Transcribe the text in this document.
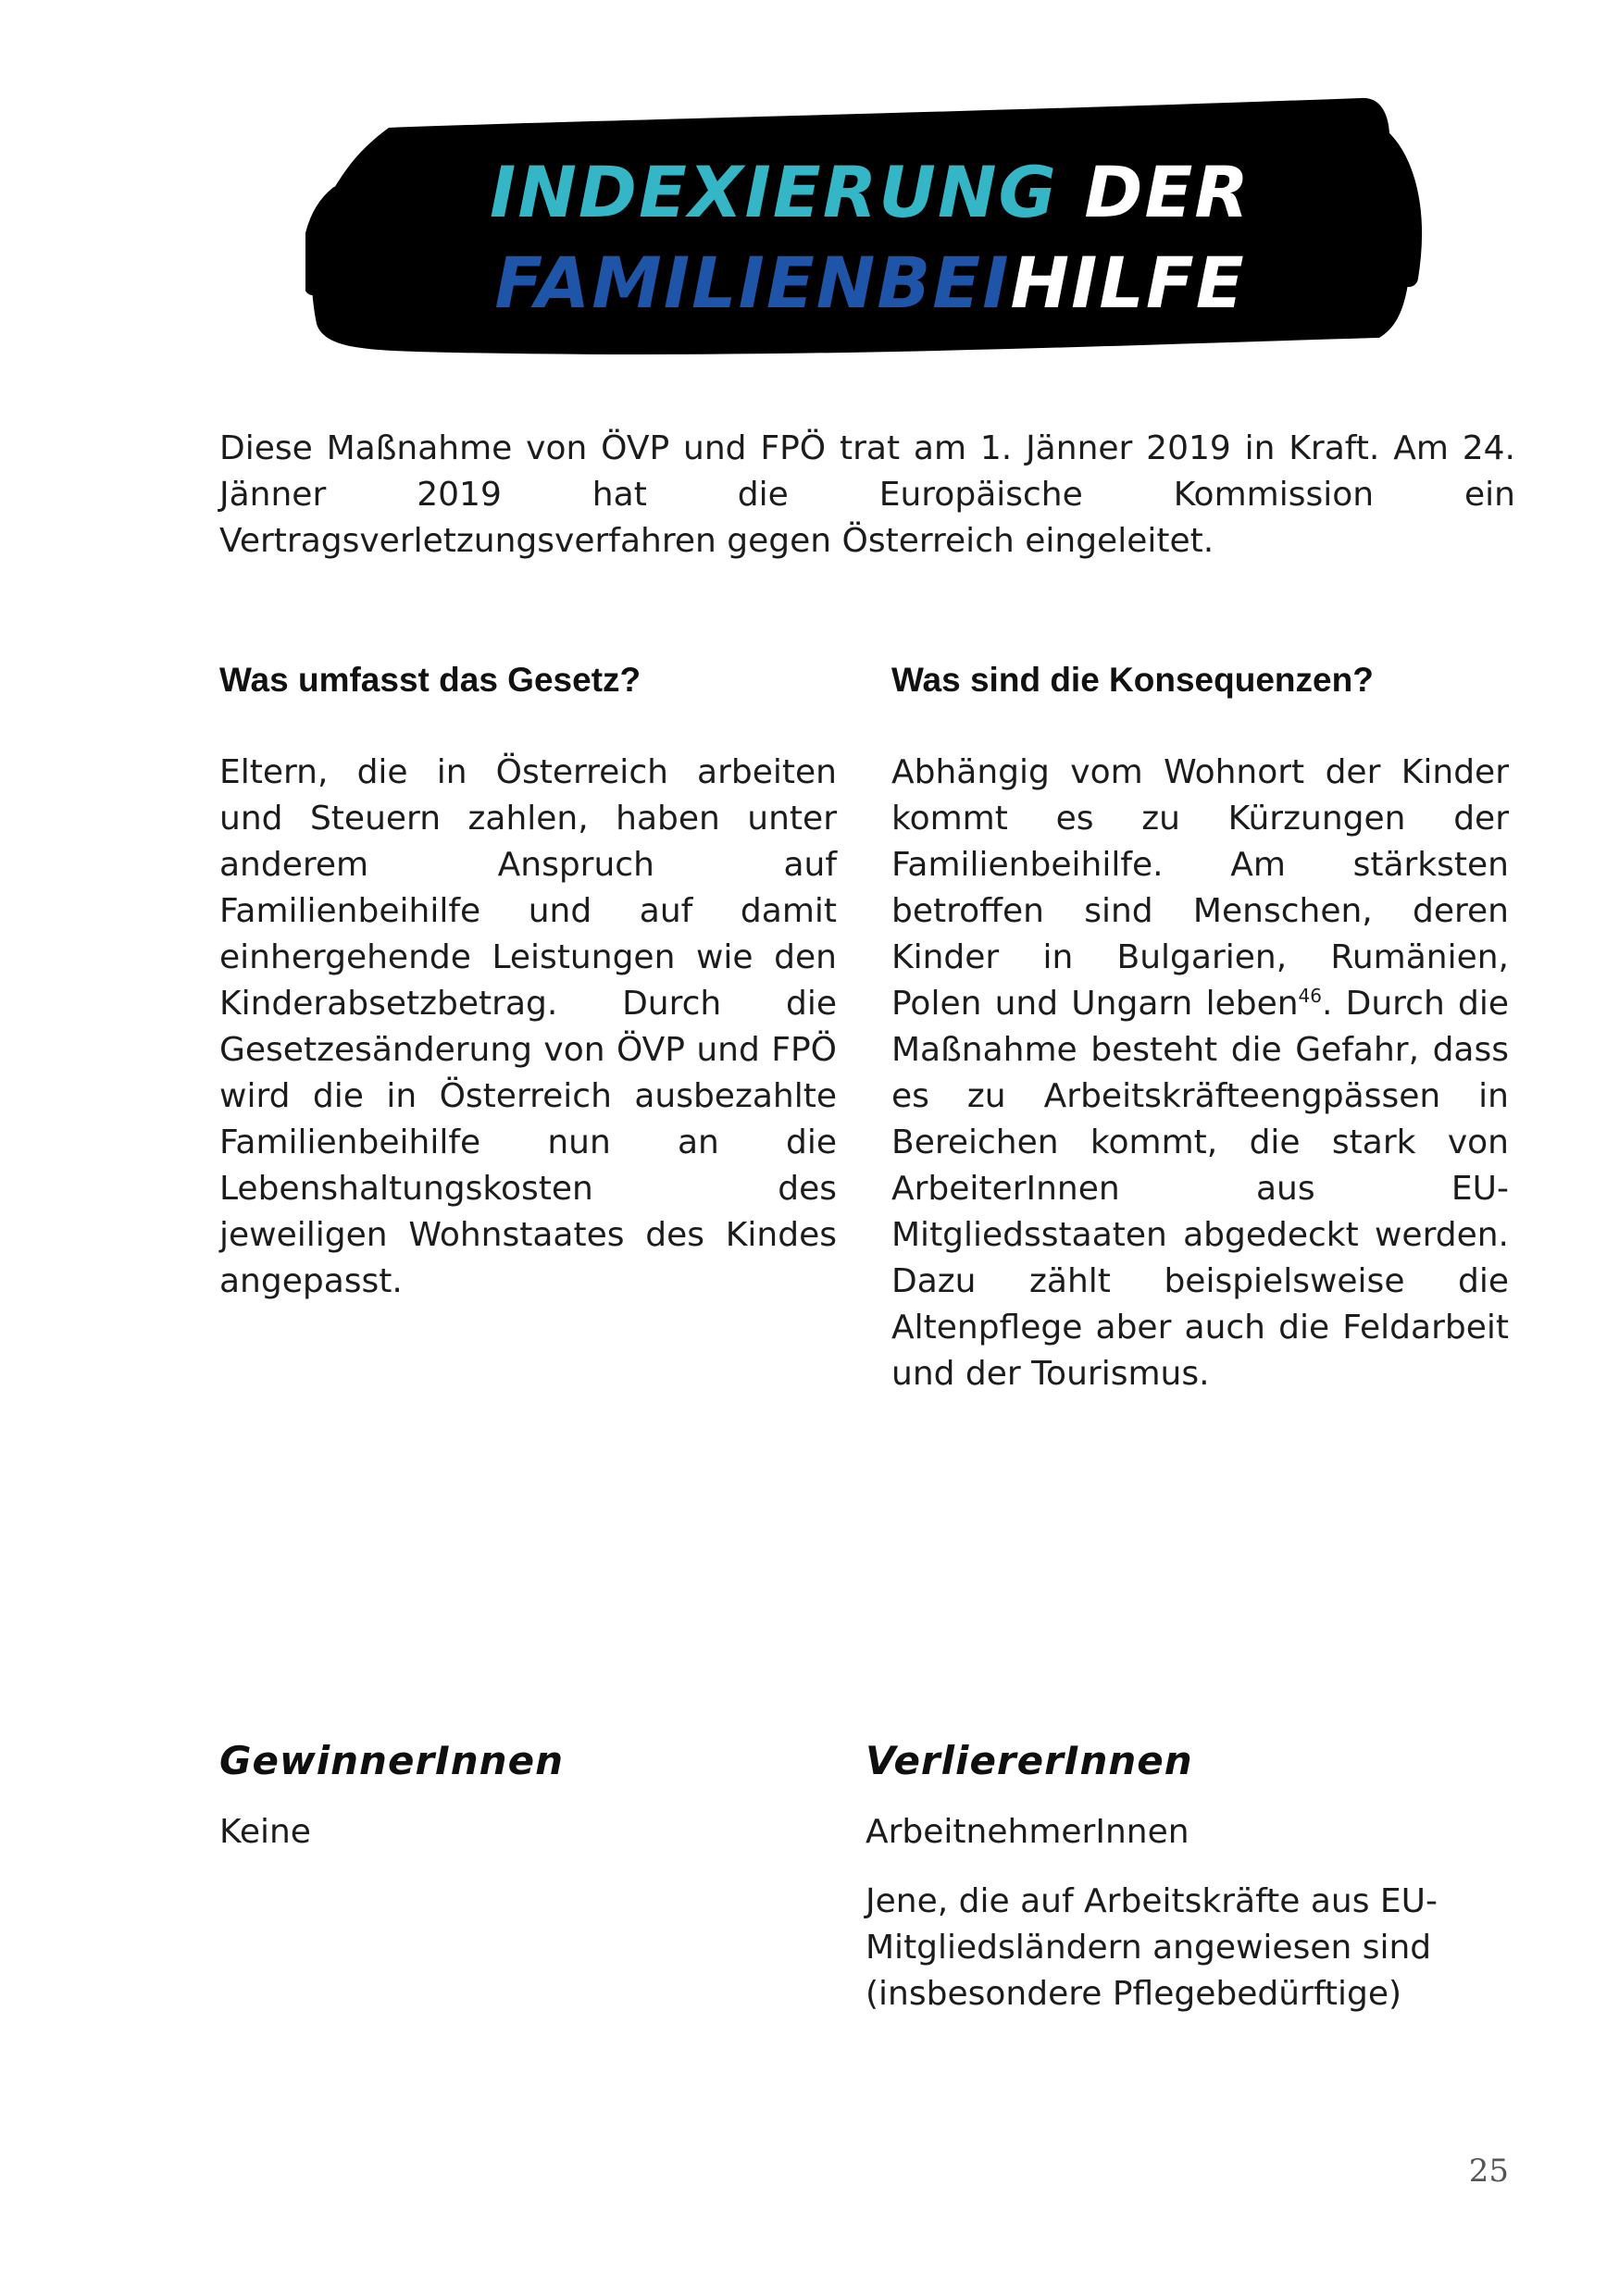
INDEXIERUNG DER
FAMILIENBEIHILFE

Diese Maßnahme von ÖVP und FPÖ trat am 1. Jänner 2019 in Kraft. Am 24. Jänner 2019 hat die Europäische Kommission ein Vertragsverletzungsverfahren gegen Österreich eingeleitet.

Was umfasst das Gesetz?	Was sind die Konsequenzen?

Eltern, die in Österreich arbeiten und Steuern zahlen, haben unter anderem Anspruch auf Familienbeihilfe und auf damit einhergehende Leistungen wie den Kinderabsetzbetrag. Durch die Gesetzesänderung von ÖVP und FPÖ wird die in Österreich ausbezahlte Familienbeihilfe nun an die Lebenshaltungskosten des jeweiligen Wohnstaates des Kindes angepasst.

Abhängig vom Wohnort der Kinder kommt es zu Kürzungen der Familienbeihilfe. Am stärksten betroffen sind Menschen, deren Kinder in Bulgarien, Rumänien, Polen und Ungarn leben$^{46}$. Durch die Maßnahme besteht die Gefahr, dass es zu Arbeitskräfteengpässen in Bereichen kommt, die stark von ArbeiterInnen aus EU-Mitgliedsstaaten abgedeckt werden. Dazu zählt beispielsweise die Altenpflege aber auch die Feldarbeit und der Tourismus.

GewinnerInnen	VerliererInnen

Keine	ArbeitnehmerInnen

Jene, die auf Arbeitskräfte aus EU-Mitgliedsländern angewiesen sind (insbesondere Pflegebedürftige)

25
